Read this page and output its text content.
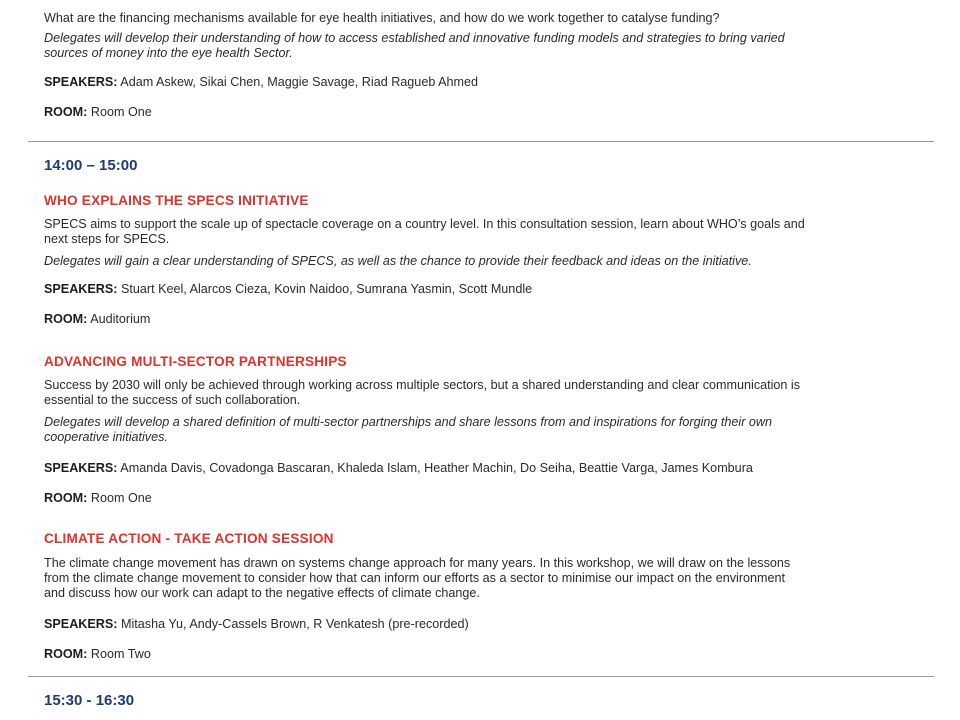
What are the financing mechanisms available for eye health initiatives, and how do we work together to catalyse funding?

Delegates will develop their understanding of how to access established and innovative funding models and strategies to bring varied

sources of money into the eye health Sector.

SPEAKERS: Adam Askew, Sikai Chen, Maggie Savage, Riad Ragueb Ahmed

ROOM: Room One

14:00 – 15:00

WHO EXPLAINS THE SPECS INITIATIVE

SPECS aims to support the scale up of spectacle coverage on a country level. In this consultation session, learn about WHO’s goals and

next steps for SPECS.

Delegates will gain a clear understanding of SPECS, as well as the chance to provide their feedback and ideas on the initiative.

SPEAKERS: Stuart Keel, Alarcos Cieza, Kovin Naidoo, Sumrana Yasmin, Scott Mundle

ROOM: Auditorium

ADVANCING MULTI-SECTOR PARTNERSHIPS

Success by 2030 will only be achieved through working across multiple sectors, but a shared understanding and clear communication is

essential to the success of such collaboration.

Delegates will develop a shared definition of multi-sector partnerships and share lessons from and inspirations for forging their own

cooperative initiatives.

SPEAKERS: Amanda Davis, Covadonga Bascaran, Khaleda Islam, Heather Machin, Do Seiha, Beattie Varga, James Kombura

ROOM: Room One

CLIMATE ACTION - TAKE ACTION SESSION

The climate change movement has drawn on systems change approach for many years. In this workshop, we will draw on the lessons

from the climate change movement to consider how that can inform our efforts as a sector to minimise our impact on the environment

and discuss how our work can adapt to the negative effects of climate change.

SPEAKERS: Mitasha Yu, Andy-Cassels Brown, R Venkatesh (pre-recorded)

ROOM: Room Two

15:30 - 16:30
